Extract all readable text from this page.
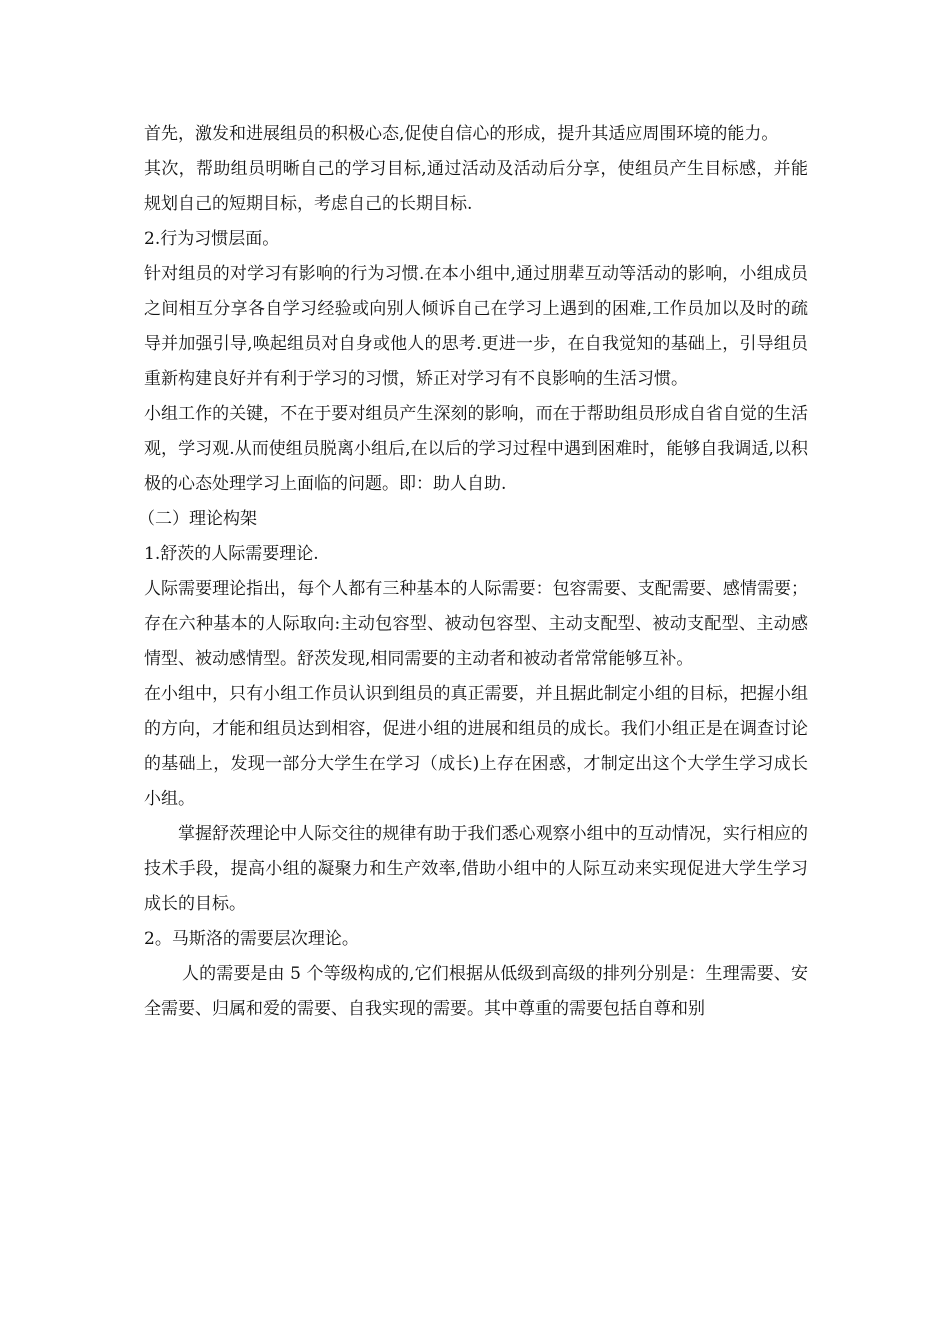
首先，激发和进展组员的积极心态,促使自信心的形成，提升其适应周围环境的能力。

其次，帮助组员明晰自己的学习目标,通过活动及活动后分享，使组员产生目标感，并能规划自己的短期目标，考虑自己的长期目标.

2.行为习惯层面。

针对组员的对学习有影响的行为习惯.在本小组中,通过朋辈互动等活动的影响，小组成员之间相互分享各自学习经验或向别人倾诉自己在学习上遇到的困难,工作员加以及时的疏导并加强引导,唤起组员对自身或他人的思考.更进一步，在自我觉知的基础上，引导组员重新构建良好并有利于学习的习惯，矫正对学习有不良影响的生活习惯。

小组工作的关键，不在于要对组员产生深刻的影响，而在于帮助组员形成自省自觉的生活观，学习观.从而使组员脱离小组后,在以后的学习过程中遇到困难时，能够自我调适,以积极的心态处理学习上面临的问题。即：助人自助.

（二）理论构架

1.舒茨的人际需要理论.

人际需要理论指出，每个人都有三种基本的人际需要：包容需要、支配需要、感情需要；存在六种基本的人际取向:主动包容型、被动包容型、主动支配型、被动支配型、主动感情型、被动感情型。舒茨发现,相同需要的主动者和被动者常常能够互补。

在小组中，只有小组工作员认识到组员的真正需要，并且据此制定小组的目标，把握小组的方向，才能和组员达到相容，促进小组的进展和组员的成长。我们小组正是在调查讨论的基础上，发现一部分大学生在学习（成长)上存在困惑，才制定出这个大学生学习成长小组。

掌握舒茨理论中人际交往的规律有助于我们悉心观察小组中的互动情况，实行相应的技术手段，提高小组的凝聚力和生产效率,借助小组中的人际互动来实现促进大学生学习成长的目标。

2。马斯洛的需要层次理论。

人的需要是由 5 个等级构成的,它们根据从低级到高级的排列分别是：生理需要、安全需要、归属和爱的需要、自我实现的需要。其中尊重的需要包括自尊和别
